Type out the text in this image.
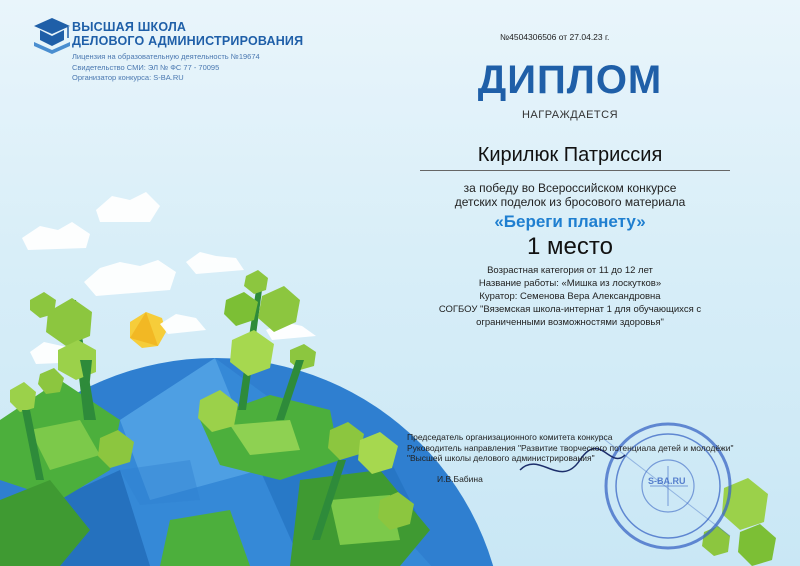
S-BA.RU
ВЫСШАЯ ШКОЛА
ДЕЛОВОГО АДМИНИСТРИРОВАНИЯ
Лицензия на образовательную деятельность №19674
Свидетельство СМИ: ЭЛ № ФС 77 - 70095
Организатор конкурса: S-BA.RU
№4504306506 от 27.04.23 г.
ДИПЛОМ
НАГРАЖДАЕТСЯ
Кирилюк Патриссия
за победу во Всероссийском конкурсе
детских поделок из бросового материала
«Береги планету»
1 место
Возрастная категория от 11 до 12 лет
Название работы: «Мишка из лоскутков»
Куратор: Семенова Вера Александровна
СОГБОУ "Вяземская школа-интернат 1 для обучающихся с
ограниченными возможностями здоровья"
Председатель организационного комитета конкурса
Руководитель направления "Развитие творческого потенциала детей и молодёжи"
"Высшей школы делового администрирования"
И.В.Бабина
